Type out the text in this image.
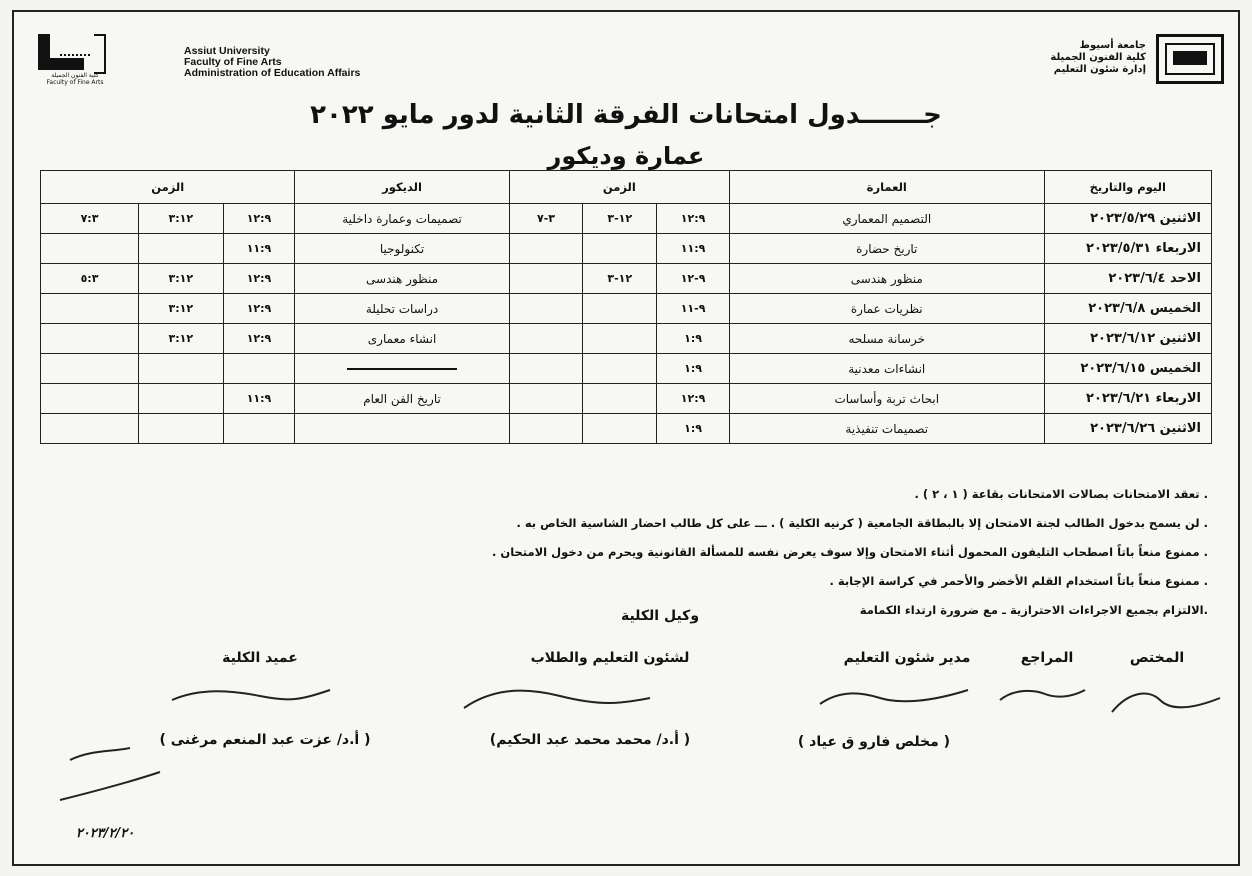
جامعة أسيوط
كلية الفنون الجميلة
إدارة شئون التعليم
كلية الفنون الجميلة
Faculty of Fine Arts
Assiut University
Faculty of Fine Arts
Administration of Education Affairs
جـــــــدول امتحانات الفرقة الثانية لدور مايو ٢٠٢٢
عمارة وديكور
اليوم والتاريخ	العمارة	الزمن			الديكور	الزمن		
الاثنين ٢٠٢٣/٥/٢٩	التصميم المعماري	١٢:٩	١٢-٣	٣-٧	تصميمات وعمارة داخلية	١٢:٩	٣:١٢	٧:٣
الاربعاء ٢٠٢٣/٥/٣١	تاريخ حضارة	١١:٩			تكنولوجيا	١١:٩		
الاحد ٢٠٢٣/٦/٤	منظور هندسى	٩-١٢	١٢-٣		منظور هندسى	١٢:٩	٣:١٢	٥:٣
الخميس ٢٠٢٣/٦/٨	نظريات عمارة	٩-١١			دراسات تحليلة	١٢:٩	٣:١٢	
الاثنين ٢٠٢٣/٦/١٢	خرسانة مسلحه	١:٩			انشاء معمارى	١٢:٩	٣:١٢	
الخميس ٢٠٢٣/٦/١٥	انشاءات معدنية	١:٩						
الاربعاء ٢٠٢٣/٦/٢١	ابحاث تربة وأساسات	١٢:٩			تاريخ الفن العام	١١:٩		
الاثنين ٢٠٢٣/٦/٢٦	تصميمات تنفيذية	١:٩						
. تعقد الامتحانات بصالات الامتحانات بقاعة ( ١ ، ٢ ) .
. لن يسمح بدخول الطالب لجنة الامتحان إلا بالبطاقة الجامعية ( كرنيه الكلية ) . ـــ على كل طالب احضار الشاسية الخاص به .
. ممنوع منعاً باتاً اصطحاب التليفون المحمول أثناء الامتحان وإلا سوف يعرض نفسه للمسألة القانونية ويحرم من دخول الامتحان .
. ممنوع منعاً باتاً استخدام القلم الأخضر والأحمر في كراسة الإجابة .
.الالتزام بجميع الاجراءات الاحترازية ـ مع ضرورة ارتداء الكمامة
وكيل الكلية
المختص
المراجع
مدير شئون التعليم
لشئون التعليم والطلاب
عميد الكلية
( مخلص فارو ق عياد )
( أ.د/ محمد محمد عبد الحكيم)
( أ.د/ عزت عبد المنعم مرغنى )
٢٠٢٣/٢/٢٠
